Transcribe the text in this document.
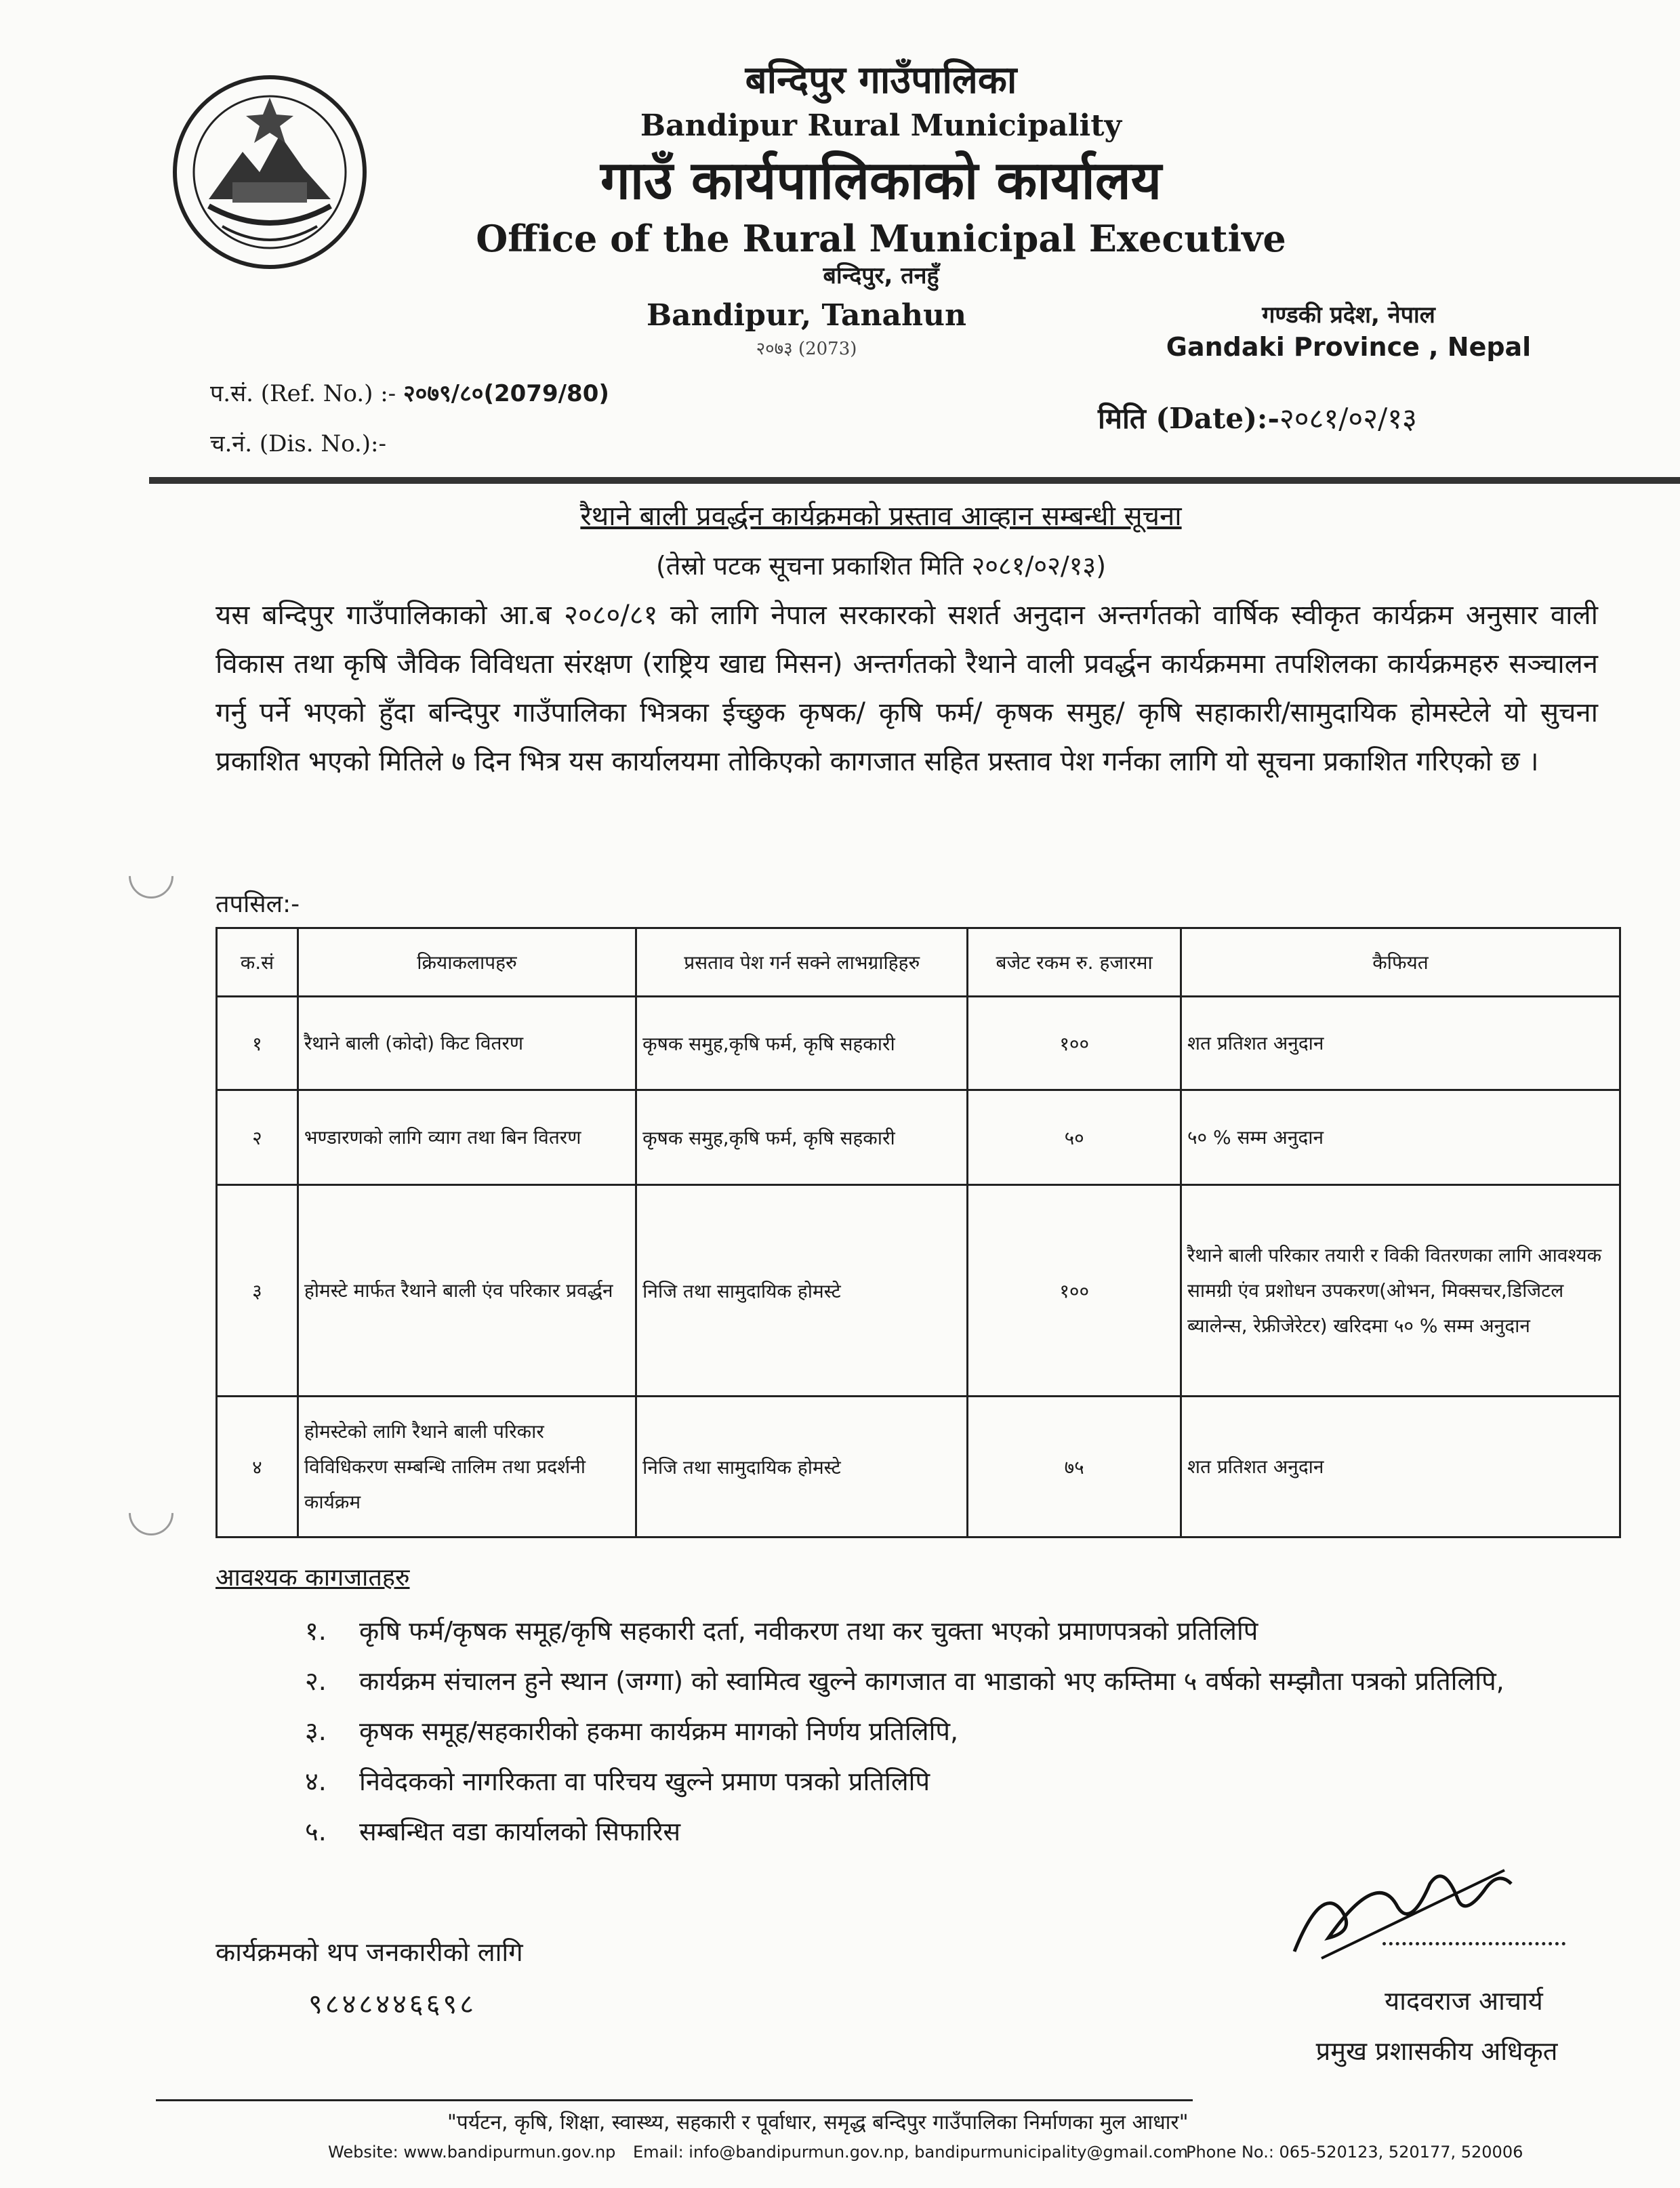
बन्दिपुर गाउँपालिका
Bandipur Rural Municipality
गाउँ कार्यपालिकाको कार्यालय
Office of the Rural Municipal Executive
बन्दिपुर, तनहुँ
Bandipur, Tanahun
२०७३ (2073)
गण्डकी प्रदेश, नेपाल
Gandaki Province , Nepal
प.सं. (Ref. No.) :- २०७९/८०(2079/80)
च.नं. (Dis. No.):-
मिति (Date):-२०८१/०२/१३
रैथाने बाली प्रवर्द्धन कार्यक्रमको प्रस्ताव आव्हान सम्बन्धी सूचना
(तेस्रो पटक सूचना प्रकाशित मिति २०८१/०२/१३)
यस बन्दिपुर गाउँपालिकाको आ.ब २०८०/८१ को लागि नेपाल सरकारको सशर्त अनुदान अन्तर्गतको वार्षिक स्वीकृत कार्यक्रम अनुसार वाली विकास तथा कृषि जैविक विविधता संरक्षण (राष्ट्रिय खाद्य मिसन) अन्तर्गतको रैथाने वाली प्रवर्द्धन कार्यक्रममा तपशिलका कार्यक्रमहरु सञ्चालन गर्नु पर्ने भएको हुँदा बन्दिपुर गाउँपालिका भित्रका ईच्छुक कृषक/ कृषि फर्म/ कृषक समुह/ कृषि सहाकारी/सामुदायिक होमस्टेले यो सुचना प्रकाशित भएको मितिले ७ दिन भित्र यस कार्यालयमा तोकिएको कागजात सहित प्रस्ताव पेश गर्नका लागि यो सूचना प्रकाशित गरिएको छ ।
तपसिल:-
क.सं	क्रियाकलापहरु	प्रसताव पेश गर्न सक्ने लाभग्राहिहरु	बजेट रकम रु. हजारमा	कैफियत
१	रैथाने बाली (कोदो) किट वितरण	कृषक समुह,कृषि फर्म, कृषि सहकारी	१००	शत प्रतिशत अनुदान
२	भण्डारणको लागि व्याग तथा बिन वितरण	कृषक समुह,कृषि फर्म, कृषि सहकारी	५०	५० % सम्म अनुदान
३	होमस्टे मार्फत रैथाने बाली एंव परिकार प्रवर्द्धन	निजि तथा सामुदायिक होमस्टे	१००	रैथाने बाली परिकार तयारी र विकी वितरणका लागि आवश्यक सामग्री एंव प्रशोधन उपकरण(ओभन, मिक्सचर,डिजिटल ब्यालेन्स, रेफ्रीजेरेटर) खरिदमा ५० % सम्म अनुदान
४	होमस्टेको लागि रैथाने बाली परिकार विविधिकरण सम्बन्धि तालिम तथा प्रदर्शनी कार्यक्रम	निजि तथा सामुदायिक होमस्टे	७५	शत प्रतिशत अनुदान
आवश्यक कागजातहरु
१.	कृषि फर्म/कृषक समूह/कृषि सहकारी दर्ता, नवीकरण तथा कर चुक्ता भएको प्रमाणपत्रको प्रतिलिपि
२.	कार्यक्रम संचालन हुने स्थान (जग्गा) को स्वामित्व खुल्ने कागजात वा भाडाको भए कम्तिमा ५ वर्षको सम्झौता पत्रको प्रतिलिपि,
३.	कृषक समूह/सहकारीको हकमा कार्यक्रम मागको निर्णय प्रतिलिपि,
४.	निवेदकको नागरिकता वा परिचय खुल्ने प्रमाण पत्रको प्रतिलिपि
५.	सम्बन्धित वडा कार्यालको सिफारिस
कार्यक्रमको थप जनकारीको लागि
९८४८४४६६९८	यादवराज आचार्य
प्रमुख प्रशासकीय अधिकृत
"पर्यटन, कृषि, शिक्षा, स्वास्थ्य, सहकारी र पूर्वाधार, समृद्ध बन्दिपुर गाउँपालिका निर्माणका मुल आधार"
Website: www.bandipurmun.gov.np Email: info@bandipurmun.gov.np, bandipurmunicipality@gmail.com
Phone No.: 065-520123, 520177, 520006
